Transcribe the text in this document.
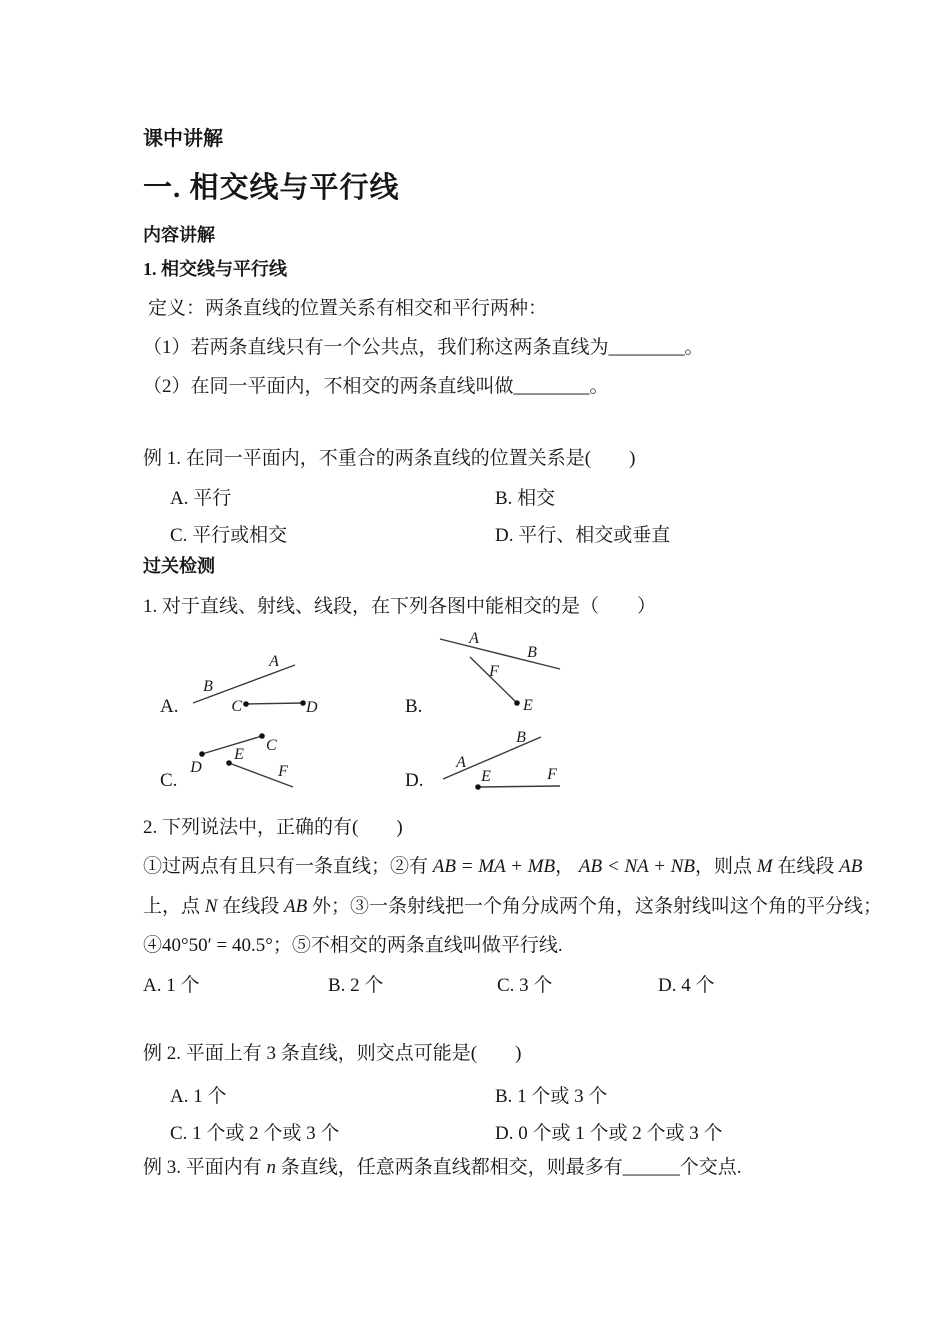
课中讲解
一. 相交线与平行线
内容讲解
1. 相交线与平行线
定义：两条直线的位置关系有相交和平行两种：
（1）若两条直线只有一个公共点，我们称这两条直线为________。
（2）在同一平面内，不相交的两条直线叫做________。
例 1. 在同一平面内，不重合的两条直线的位置关系是(　　)
A. 平行	B. 相交
C. 平行或相交	D. 平行、相交或垂直
过关检测
1. 对于直线、射线、线段，在下列各图中能相交的是（　　）
A.
B
A
C	D	B.
A
B
F
E
C.
D
C
E
F	D.
A
B
E	F
2. 下列说法中，正确的有(　　)
①过两点有且只有一条直线；②有 AB = MA + MB， AB < NA + NB，则点 M 在线段 AB
上，点 N 在线段 AB 外；③一条射线把一个角分成两个角，这条射线叫这个角的平分线；
④40°50′ = 40.5°；⑤不相交的两条直线叫做平行线.
A. 1 个	B. 2 个	C. 3 个	D. 4 个
例 2. 平面上有 3 条直线，则交点可能是(　　)
A. 1 个	B. 1 个或 3 个
C. 1 个或 2 个或 3 个	D. 0 个或 1 个或 2 个或 3 个
例 3. 平面内有 n 条直线，任意两条直线都相交，则最多有______个交点.
